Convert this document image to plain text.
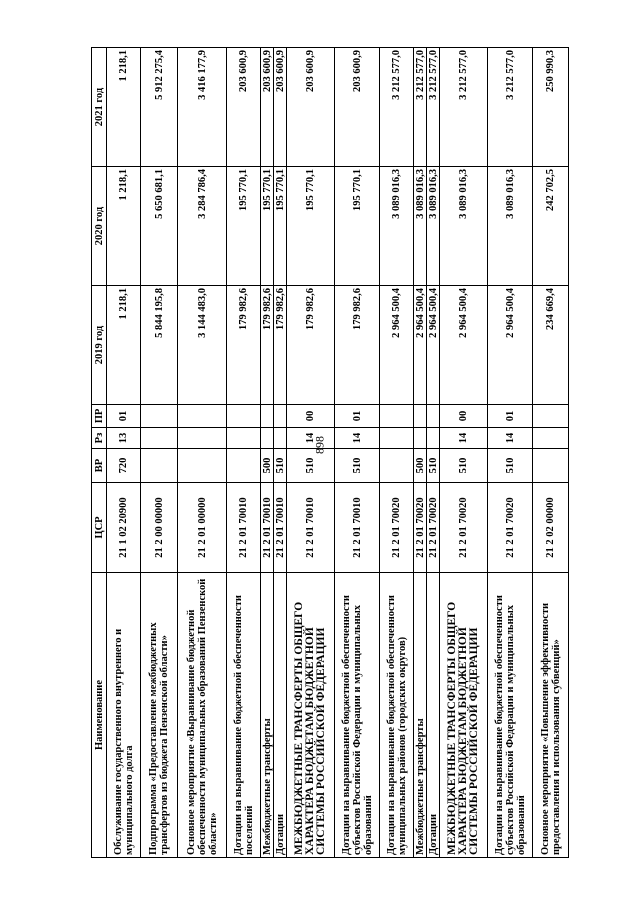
898
Наименование	ЦСР	ВР	Рз	ПР	2019 год	2020 год	2021 год
Обслуживание государственного внутреннего и муниципального долга	21 1 02 20900	720	13	01	1 218,1	1 218,1	1 218,1
Подпрограмма «Предоставление межбюджетных трансфертов из бюджета Пензенской области»	21 2 00 00000				5 844 195,8	5 650 681,1	5 912 275,4
Основное мероприятие «Выравнивание бюджетной обеспеченности муниципальных образований Пензенской области»	21 2 01 00000				3 144 483,0	3 284 786,4	3 416 177,9
Дотации на выравнивание бюджетной обеспеченности поселений	21 2 01 70010				179 982,6	195 770,1	203 600,9
Межбюджетные трансферты	21 2 01 70010	500			179 982,6	195 770,1	203 600,9
Дотации	21 2 01 70010	510			179 982,6	195 770,1	203 600,9
МЕЖБЮДЖЕТНЫЕ ТРАНСФЕРТЫ ОБЩЕГО ХАРАКТЕРА БЮДЖЕТАМ БЮДЖЕТНОЙ СИСТЕМЫ РОССИЙСКОЙ ФЕДЕРАЦИИ	21 2 01 70010	510	14	00	179 982,6	195 770,1	203 600,9
Дотации на выравнивание бюджетной обеспеченности субъектов Российской Федерации и муниципальных образований	21 2 01 70010	510	14	01	179 982,6	195 770,1	203 600,9
Дотации на выравнивание бюджетной обеспеченности муниципальных районов (городских округов)	21 2 01 70020				2 964 500,4	3 089 016,3	3 212 577,0
Межбюджетные трансферты	21 2 01 70020	500			2 964 500,4	3 089 016,3	3 212 577,0
Дотации	21 2 01 70020	510			2 964 500,4	3 089 016,3	3 212 577,0
МЕЖБЮДЖЕТНЫЕ ТРАНСФЕРТЫ ОБЩЕГО ХАРАКТЕРА БЮДЖЕТАМ БЮДЖЕТНОЙ СИСТЕМЫ РОССИЙСКОЙ ФЕДЕРАЦИИ	21 2 01 70020	510	14	00	2 964 500,4	3 089 016,3	3 212 577,0
Дотации на выравнивание бюджетной обеспеченности субъектов Российской Федерации и муниципальных образований	21 2 01 70020	510	14	01	2 964 500,4	3 089 016,3	3 212 577,0
Основное мероприятие «Повышение эффективности предоставления и использования субвенций»	21 2 02 00000				234 669,4	242 702,5	250 990,3
